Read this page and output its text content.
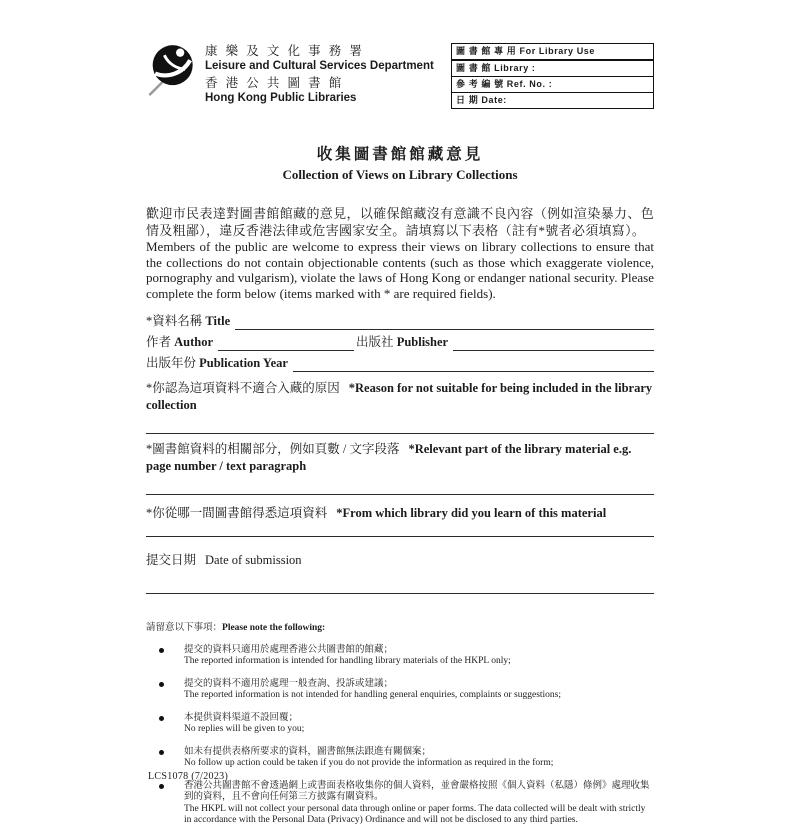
康 樂 及 文 化 事 務 署
Leisure and Cultural Services Department
香 港 公 共 圖 書 館
Hong Kong Public Libraries
圖 書 館 專 用 For Library Use
圖 書 館 Library :
參 考 編 號 Ref. No. :
日 期 Date:
收集圖書館館藏意見
Collection of Views on Library Collections

歡迎市民表達對圖書館館藏的意見，以確保館藏沒有意識不良內容（例如渲染暴力、色情及粗鄙），違反香港法律或危害國家安全。請填寫以下表格（註有*號者必須填寫）。

Members of the public are welcome to express their views on library collections to ensure that the collections do not contain objectionable contents (such as those which exaggerate violence, pornography and vulgarism), violate the laws of Hong Kong or endanger national security. Please complete the form below (items marked with * are required fields).

*資料名稱 Title
作者 Author	出版社 Publisher
出版年份 Publication Year
*你認為這項資料不適合入藏的原因 *Reason for not suitable for being included in the library collection
*圖書館資料的相關部分，例如頁數 / 文字段落 *Relevant part of the library material e.g. page number / text paragraph
*你從哪一間圖書館得悉這項資料 *From which library did you learn of this material
提交日期 Date of submission

請留意以下事項：Please note the following:

提交的資料只適用於處理香港公共圖書館的館藏；
The reported information is intended for handling library materials of the HKPL only;
提交的資料不適用於處理一般查詢、投訴或建議；
The reported information is not intended for handling general enquiries, complaints or suggestions;
本提供資料渠道不設回覆；
No replies will be given to you;
如未有提供表格所要求的資料，圖書館無法跟進有關個案；
No follow up action could be taken if you do not provide the information as required in the form;
香港公共圖書館不會透過網上或書面表格收集你的個人資料，並會嚴格按照《個人資料（私隱）條例》處理收集到的資料，且不會向任何第三方披露有關資料。
The HKPL will not collect your personal data through online or paper forms. The data collected will be dealt with strictly in accordance with the Personal Data (Privacy) Ordinance and will not be disclosed to any third parties.
LCS1078 (7/2023)
